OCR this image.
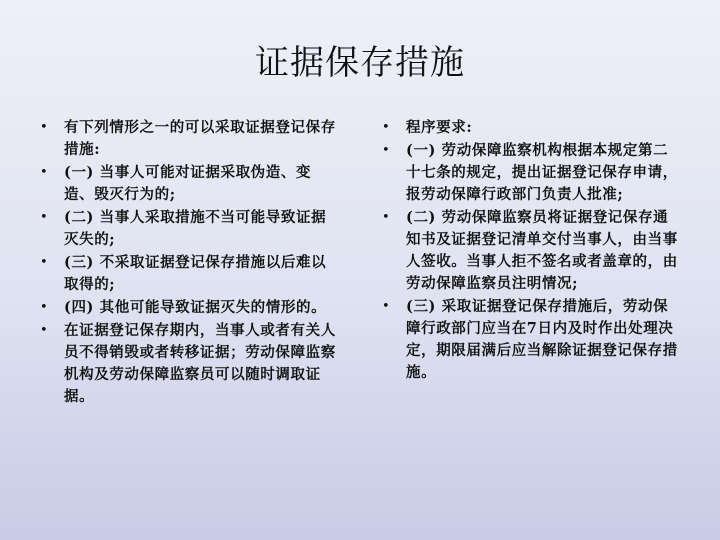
证据保存措施
• 有下列情形之一的可以采取证据登记保存措施:
• (一) 当事人可能对证据采取伪造、变造、毁灭行为的;
• (二) 当事人采取措施不当可能导致证据灭失的;
• (三) 不采取证据登记保存措施以后难以取得的;
• (四) 其他可能导致证据灭失的情形的。
• 在证据登记保存期内，当事人或者有关人员不得销毁或者转移证据；劳动保障监察机构及劳动保障监察员可以随时调取证据。
• 程序要求:
• (一) 劳动保障监察机构根据本规定第二十七条的规定，提出证据登记保存申请，报劳动保障行政部门负责人批准;
• (二) 劳动保障监察员将证据登记保存通知书及证据登记清单交付当事人，由当事人签收。当事人拒不签名或者盖章的，由劳动保障监察员注明情况;
• (三) 采取证据登记保存措施后，劳动保障行政部门应当在7日内及时作出处理决定，期限届满后应当解除证据登记保存措施。
